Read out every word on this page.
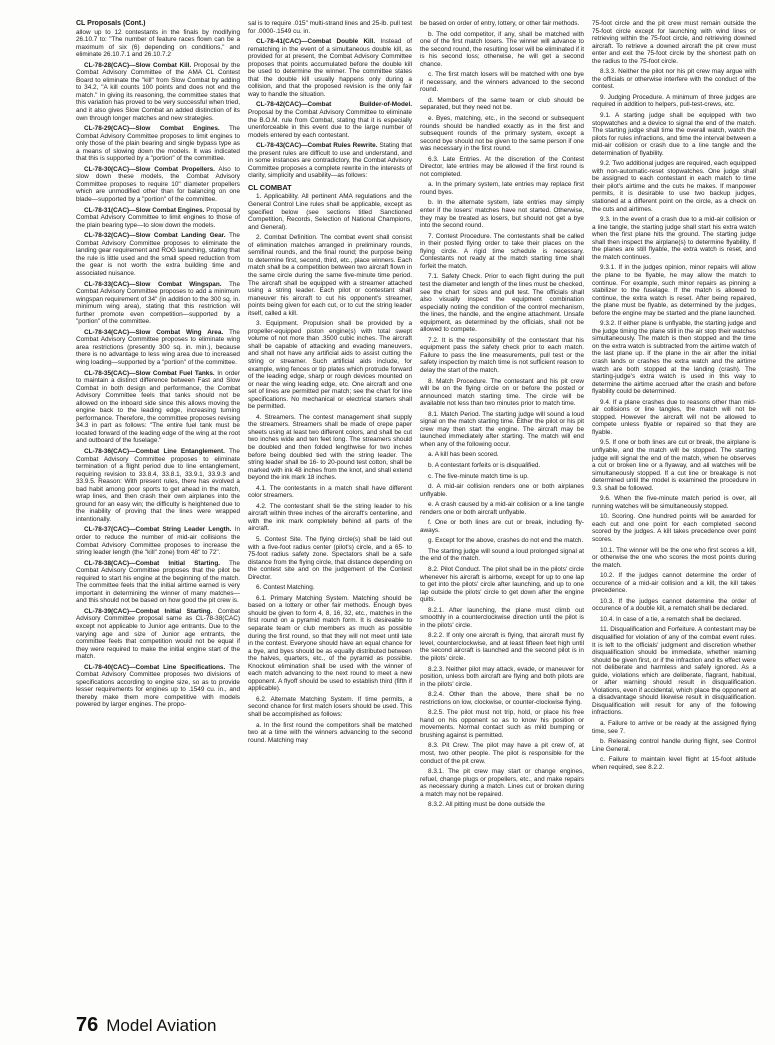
CL Proposals (Cont.)

allow up to 12 contestants in the finals by modifying 26.10.7 to: "The number of feature races flown can be a maximum of six (6) depending on conditions," and eliminate 26.10.7.1 and 26.10.7.2

CL-78-28(CAC)—Slow Combat Kill. Proposal by the Combat Advisory Committee of the AMA CL Contest Board to eliminate the "kill" from Slow Combat by adding to 34.2, "A kill counts 100 points and does not end the match." In giving its reasoning, the committee states that this variation has proved to be very successful when tried, and it also gives Slow Combat an added distinction of its own through longer matches and new strategies.

CL-78-29(CAC)—Slow Combat Engines. The Combat Advisory Committee proposes to limit engines to only those of the plain bearing and single bypass type as a means of slowing down the models. It was indicated that this is supported by a "portion" of the committee.

CL-78-30(CAC)—Slow Combat Propellers. Also to slow down these models, the Combat Advisory Committee proposes to require 10" diameter propellers which are unmodified other than for balancing on one blade—supported by a "portion" of the committee.

CL-78-31(CAC)—Slow Combat Engines. Proposal by Combat Advisory Committee to limit engines to those of the plain bearing type—to slow down the models.

CL-78-32(CAC)—Slow Combat Landing Gear. The Combat Advisory Committee proposes to eliminate the landing gear requirement and ROG launching, stating that the rule is little used and the small speed reduction from the gear is not worth the extra building time and associated nuisance.

CL-78-33(CAC)—Slow Combat Wingspan. The Combat Advisory Committee proposes to add a minimum wingspan requirement of 34" (in addition to the 300 sq. in. minimum wing area), stating that this restriction will further promote even competition—supported by a "portion" of the committee.

CL-78-34(CAC)—Slow Combat Wing Area. The Combat Advisory Committee proposes to eliminate wing area restrictions (presently 300 sq. in. min.), because there is no advantage to less wing area due to increased wing loading—supported by a "portion" of the committee.

CL-78-35(CAC)—Slow Combat Fuel Tanks. In order to maintain a distinct difference between Fast and Slow Combat in both design and performance, the Combat Advisory Committee feels that tanks should not be allowed on the inboard side since this allows moving the engine back to the leading edge, increasing turning performance. Therefore, the committee proposes revising 34.3 in part as follows: "The entire fuel tank must be located forward of the leading edge of the wing at the root and outboard of the fuselage."

CL-78-36(CAC)—Combat Line Entanglement. The Combat Advisory Committee proposes to eliminate termination of a flight period due to line entanglement, requiring revision to 33.8.4, 33.8.1, 33.9.1, 33.9.3 and 33.9.5. Reason: With present rules, there has evolved a bad habit among poor sports to get ahead in the match, wrap lines, and then crash their own airplanes into the ground for an easy win; the difficulty is heightened due to the inability of proving that the lines were wrapped intentionally.

CL-78-37(CAC)—Combat String Leader Length. In order to reduce the number of mid-air collisions the Combat Advisory Committee proposes to increase the string leader length (the "kill" zone) from 48" to 72".

CL-78-38(CAC)—Combat Initial Starting. The Combat Advisory Committee proposes that the pilot be required to start his engine at the beginning of the match. The committee feels that the initial airtime earned is very important in determining the winner of many matches—and this should not be based on how good the pit crew is.

CL-78-39(CAC)—Combat Initial Starting. Combat Advisory Committee proposal same as CL-78-38(CAC) except not applicable to Junior age entrants. Due to the varying age and size of Junior age entrants, the committee feels that competition would not be equal if they were required to make the initial engine start of the match.

CL-78-40(CAC)—Combat Line Specifications. The Combat Advisory Committee proposes two divisions of specifications according to engine size, so as to provide lesser requirements for engines up to .1549 cu. in., and thereby make them more competitive with models powered by larger engines. The propo-

sal is to require .015" multi-strand lines and 25-lb. pull test for .0000-.1549 cu. in.

CL-78-41(CAC)—Combat Double Kill. Instead of rematching in the event of a simultaneous double kill, as provided for at present, the Combat Advisory Committee proposes that points accumulated before the double kill be used to determine the winner. The committee states that the double kill usually happens only during a collision, and that the proposed revision is the only fair way to handle the situation.

CL-78-42(CAC)—Combat Builder-of-Model. Proposal by the Combat Advisory Committee to eliminate the B.O.M. rule from Combat, stating that it is especially unenforceable in this event due to the large number of models entered by each contestant.

CL-78-43(CAC)—Combat Rules Rewrite. Stating that the present rules are difficult to use and understand, and in some instances are contradictory, the Combat Advisory Committee proposes a complete rewrite in the interests of clarity, simplicity and usability—as follows:

CL COMBAT

1. Applicability. All pertinent AMA regulations and the General Control Line rules shall be applicable, except as specified below (see sections titled Sanctioned Competition, Records, Selection of National Champions, and General).

2. Combat Definition. The combat event shall consist of elimination matches arranged in preliminary rounds, semifinal rounds, and the final round; the purpose being to determine first, second, third, etc., place winners. Each match shall be a competition between two aircraft flown in the same circle during the same five-minute time period. The aircraft shall be equipped with a streamer attached using a string leader. Each pilot or contestant shall maneuver his aircraft to cut his opponent's streamer, points being given for each cut, or to cut the string leader itself, called a kill.

3. Equipment. Propulsion shall be provided by a propeller-equipped piston engine(s) with total swept volume of not more than .3500 cubic inches. The aircraft shall be capable of attacking and evading maneuvers, and shall not have any artificial aids to assist cutting the string or streamer. Such artificial aids include, for example, wing fences or tip plates which protrude forward of the leading edge, sharp or rough devices mounted on or near the wing leading edge, etc. One aircraft and one set of lines are permitted per match; see the chart for line specifications. No mechanical or electrical starters shall be permitted.

4. Streamers. The contest management shall supply the streamers. Streamers shall be made of crepe paper sheets using at least two different colors, and shall be cut two inches wide and ten feet long. The streamers should be doubled and then folded lengthwise for two inches before being doubled tied with the string leader. The string leader shall be 16- to 20-pound test cotton, shall be marked with ink 48 inches from the knot, and shall extend beyond the ink mark 18 inches.

4.1. The contestants in a match shall have different color streamers.

4.2. The contestant shall tie the string leader to his aircraft within three inches of the aircraft's centerline, and with the ink mark completely behind all parts of the aircraft.

5. Contest Site. The flying circle(s) shall be laid out with a five-foot radius center (pilot's) circle, and a 65- to 75-foot radius safety zone. Spectators shall be a safe distance from the flying circle, that distance depending on the contest site and on the judgement of the Contest Director.

6. Contest Matching.

6.1. Primary Matching System. Matching should be based on a lottery or other fair methods. Enough byes should be given to form 4, 8, 16, 32, etc., matches in the first round on a pyramid match form. It is desireable to separate team or club members as much as possible during the first round, so that they will not meet until late in the contest. Everyone should have an equal chance for a bye, and byes should be as equally distributed between the halves, quarters, etc., of the pyramid as possible. Knockout elimination shall be used with the winner of each match advancing to the next round to meet a new opponent. A flyoff should be used to establish third (fifth if applicable).

6.2. Alternate Matching System. If time permits, a second chance for first match losers should be used. This shall be accomplished as follows:

a. In the first round the competitors shall be matched two at a time with the winners advancing to the second round. Matching may

be based on order of entry, lottery, or other fair methods.

b. The odd competitor, if any, shall be matched with one of the first match losers. The winner will advance to the second round, the resulting loser will be eliminated if it is his second loss; otherwise, he will get a second chance.

c. The first match losers will be matched with one bye if necessary, and the winners advanced to the second round.

d. Members of the same team or club should be separated, but they need not be.

e. Byes, matching, etc., in the second or subsequent rounds should be handled exactly as in the first and subsequent rounds of the primary system, except a second bye should not be given to the same person if one was necessary in the first round.

6.3. Late Entries. At the discretion of the Contest Director, late entries may be allowed if the first round is not completed.

a. In the primary system, late entries may replace first round byes.

b. In the alternate system, late entries may simply enter if the losers' matches have not started. Otherwise, they may be treated as losers, but should not get a bye into the second round.

7. Contest Procedure. The contestants shall be called in their posted flying order to take their places on the flying circle. A rigid time schedule is necessary. Contestants not ready at the match starting time shall forfeit the match.

7.1. Safety Check. Prior to each flight during the pull test the diameter and length of the lines must be checked, see the chart for sizes and pull test. The officials shall also visually inspect the equipment combination especially noting the condition of the control mechanism, the lines, the handle, and the engine attachment. Unsafe equipment, as determined by the officials, shall not be allowed to compete.

7.2. It is the responsibility of the contestant that his equipment pass the safety check prior to each match. Failure to pass the line measurements, pull test or the safety inspection by match time is not sufficient reason to delay the start of the match.

8. Match Procedure. The contestant and his pit crew will be on the flying circle on or before the posted or announced match starting time. The circle will be available not less than two minutes prior to match time.

8.1. Match Period. The starting judge will sound a loud signal on the match starting time. Either the pilot or his pit crew may then start the engine. The aircraft may be launched immediately after starting. The match will end when any of the following occur.

a. A kill has been scored.

b. A contestant forfeits or is disqualified.

c. The five-minute match time is up.

d. A mid-air collision renders one or both airplanes unflyable.

e. A crash caused by a mid-air collision or a line tangle renders one or both aircraft unflyable.

f. One or both lines are cut or break, including fly-aways.

g. Except for the above, crashes do not end the match.

The starting judge will sound a loud prolonged signal at the end of the match.

8.2. Pilot Conduct. The pilot shall be in the pilots' circle whenever his aircraft is airborne, except for up to one lap to get into the pilots' circle after launching, and up to one lap outside the pilots' circle to get down after the engine quits.

8.2.1. After launching, the plane must climb out smoothly in a counterclockwise direction until the pilot is in the pilots' circle.

8.2.2. If only one aircraft is flying, that aircraft must fly level, counterclockwise, and at least fifteen feet high until the second aircraft is launched and the second pilot is in the pilots' circle.

8.2.3. Neither pilot may attack, evade, or maneuver for position, unless both aircraft are flying and both pilots are in the pilots' circle.

8.2.4. Other than the above, there shall be no restrictions on low, clockwise, or counter-clockwise flying.

8.2.5. The pilot must not trip, hold, or place his free hand on his opponent so as to know his position or movements. Normal contact such as mild bumping or brushing against is permitted.

8.3. Pit Crew. The pilot may have a pit crew of, at most, two other people. The pilot is responsible for the conduct of the pit crew.

8.3.1. The pit crew may start or change engines, refuel, change plugs or propellers, etc., and make repairs as necessary during a match. Lines cut or broken during a match may not be repaired.

8.3.2. All pitting must be done outside the

75-foot circle and the pit crew must remain outside the 75-foot circle except for launching with wind lines or retrieving within the 75-foot circle, and retrieving downed aircraft. To retrieve a downed aircraft the pit crew must enter and exit the 75-foot circle by the shortest path on the radius to the 75-foot circle.

8.3.3. Neither the pilot nor his pit crew may argue with the officials or otherwise interfere with the conduct of the contest.

9. Judging Procedure. A minimum of three judges are required in addition to helpers, pull-test-crews, etc.

9.1. A starting judge shall be equipped with two stopwatches and a device to signal the end of the match. The starting judge shall time the overall watch, watch the pilots for rules infractions, and time the interval between a mid-air collision or crash due to a line tangle and the determination of flyability.

9.2. Two additional judges are required, each equipped with non-automatic-reset stopwatches. One judge shall be assigned to each contestant in each match to time their pilot's airtime and the cuts he makes. If manpower permits, it is desirable to use two backup judges, stationed at a different point on the circle, as a check on the cuts and airtimes.

9.3. In the event of a crash due to a mid-air collision or a line tangle, the starting judge shall start his extra watch when the first plane hits the ground. The starting judge shall then inspect the airplane(s) to determine flyability. If the planes are still flyable, the extra watch is reset, and the match continues.

9.3.1. If in the judges opinion, minor repairs will allow the plane to be flyable, he may allow the match to continue. For example, such minor repairs as pinning a stabilizer to the fuselage. If the match is allowed to continue, the extra watch is reset. After being repaired, the plane must be flyable, as determined by the judges, before the engine may be started and the plane launched.

9.3.2. If either plane is unflyable, the starting judge and the judge timing the plane still in the air stop their watches simultaneously. The match is then stopped and the time on the extra watch is subtracted from the airtime watch of the last plane up. If the plane in the air after the initial crash lands or crashes the extra watch and the airtime watch are both stopped at the landing (crash). The starting-judge's extra watch is used in this way to determine the airtime accrued after the crash and before flyability could be determined.

9.4. If a plane crashes due to reasons other than mid-air collisions or line tangles, the match will not be stopped. However the aircraft will not be allowed to compete unless flyable or repaired so that they are flyable.

9.5. If one or both lines are cut or break, the airplane is unflyable, and the match will be stopped. The starting judge will signal the end of the match, when he observes a cut or broken line or a flyaway, and all watches will be simultaneously stopped. If a cut line or breakage is not determined until the model is examined the procedure in 9.3. shall be followed.

9.6. When the five-minute match period is over, all running watches will be simultaneously stopped.

10. Scoring. One hundred points will be awarded for each cut and one point for each completed second scored by the judges. A kill takes precedence over point scores.

10.1. The winner will be the one who first scores a kill, or otherwise the one who scores the most points during the match.

10.2. If the judges cannot determine the order of occurence of a mid-air collision and a kill, the kill takes precedence.

10.3. If the judges cannot determine the order of occurence of a double kill, a rematch shall be declared.

10.4. In case of a tie, a rematch shall be declared.

11. Disqualification and Forfeiture. A contestant may be disqualified for violation of any of the combat event rules. It is left to the officials' judgment and discretion whether disqualification should be immediate, whether warning should be given first, or if the infraction and its effect were not deliberate and harmless and safely ignored. As a guide, violations which are deliberate, flagrant, habitual, or after warning should result in disqualification. Violations, even if accidental, which place the opponent at a disadvantage should likewise result in disqualification. Disqualification will result for any of the following infractions.

a. Failure to arrive or be ready at the assigned flying time, see 7.

b. Releasing control handle during flight, see Control Line General.

c. Failure to maintain level flight at 15-foot altitude when required, see 8.2.2.

76 Model Aviation
